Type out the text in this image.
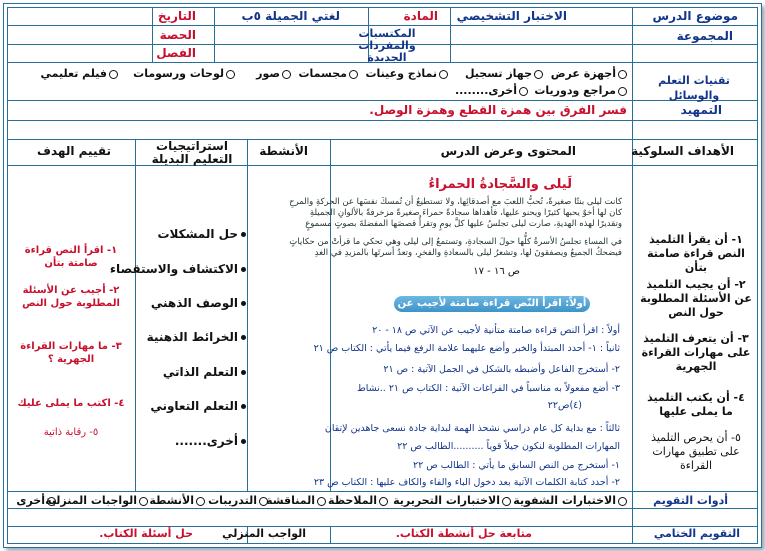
موضوع الدرس
الاختبار التشخيصي
المادة
لغتي الجميلة ٥ب
التاريخ
المجموعة
المكتسبات والمفردات الجديدة
الحصة
الفصل
تقنيات التعلم والوسائل
أجهزة عرض
جهاز تسجيل
نماذج وعينات
مجسمات
صور
لوحات ورسومات
فيلم تعليمي
مراجع ودوريات
أخرى........
التمهيد
فسر الفرق بين همزة القطع وهمزة الوصل.
الأهداف السلوكية
المحتوى وعرض الدرس
الأنشطة
استراتيجيات التعليم البديلة
تقييم الهدف
١- أن يقرأ التلميذ النص قراءة صامتة بتأن
٢- أن يجيب التلميذ عن الأسئلة المطلوبة حول النص
٣- أن يتعرف التلميذ على مهارات القراءة الجهرية
٤- أن يكتب التلميذ ما يملى عليها
٥- أن يحرص التلميذ على تطبيق مهارات القراءة
لَيلى والسَّجادةُ الحمراءُ
كانت ليلى بنتًا صغيرةً، تُحبُّ اللعبَ مع أصدقائِها، ولا تستطيعُ أن تُمسكَ نفسَها عن الحركةِ والمرحِ
كان لها أخوٌ يحبها كثيرًا ويحنو عليها، فأهداها سجادةً حمراءَ صغيرةً مزخرفةً بالألوانِ الجميلةِ
وتقديرًا لهذه الهديةِ، صارت ليلى تجلسُ عليها كلَّ يومٍ وتقرأُ قصصَها المفضلةَ بصوتٍ مسموعٍ
في المساءِ تجلسُ الأسرةُ كلُّها حولَ السجادةِ، وتستمعُ إلى ليلى وهي تحكي ما قرأتْ من حكاياتٍ
فيضحكُ الجميعُ ويصفقونَ لها، وتشعرُ ليلى بالسعادةِ والفخرِ، وتعدُ أسرتَها بالمزيدِ في الغدِ
ص ١٦ - ١٧
أولاً: اقرأ النّص قراءة صامتة لأجيب عن الآتي:
أولاً : اقرأ النص قراءة صامتة متأنية لأجيب عن الآتي ص ١٨ - ٢٠
ثانياً : ١- أحدد المبتدأ والخبر وأضع عليهما علامة الرفع فيما يأتي : الكتاب ص ٢١
٢- أستخرج الفاعل وأضبطه بالشكل في الجمل الآتية : ص ٢١
٣- أضع مفعولاً به مناسباً في الفراغات الآتية : الكتاب ص ٢١ ..نشاط
(٤)ص٢٢
ثالثاً : مع بداية كل عام دراسي نشحذ الهمة لبداية جادة نسعى جاهدين لإتقان
المهارات المطلوبة لنكون جيلاً قوياً ..........الطالب ص ٢٢
١- أستخرج من النص السابق ما يأتي : الطالب ص ٢٢
٢- أحدد كتابة الكلمات الآتية بعد دخول الباء والفاء والكاف عليها : الكتاب ص ٢٣
حل المشكلات
الاكتشاف والاستقصاء
الوصف الذهني
الخرائط الذهنية
التعلم الذاتي
التعلم التعاوني
أخرى.......
١- اقرأ النص قراءة صامتة بتأن
٢- أجيب عن الأسئلة المطلوبة حول النص
٣- ما مهارات القراءة الجهرية ؟
٤- اكتب ما يملى عليك
٥- رقابة ذاتية
أدوات التقويم
الاختبارات الشفوية
الاختبارات التحريرية
الملاحظة
المناقشة
التدريبات
الأنشطة
الواجبات المنزلية
أخرى
التقويم الختامي
متابعة حل أنشطة الكتاب.
الواجب المنزلي
حل أسئلة الكتاب.
